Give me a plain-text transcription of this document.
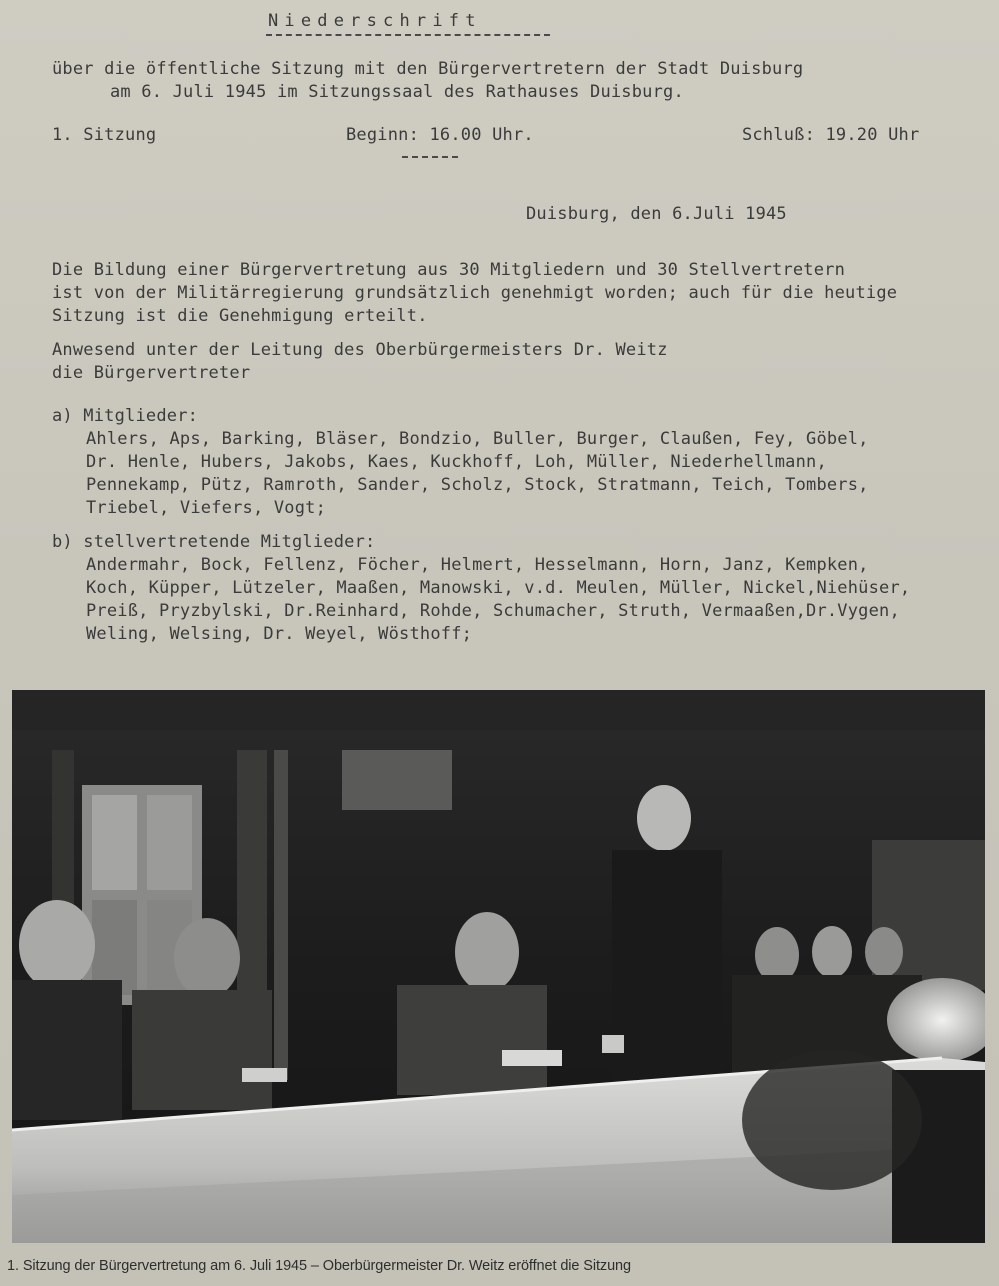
Niederschrift
über die öffentliche Sitzung mit den Bürgervertretern der Stadt Duisburg
am 6. Juli 1945 im Sitzungssaal des Rathauses Duisburg.
1. Sitzung	Beginn: 16.00 Uhr.	Schluß: 19.20 Uhr
Duisburg, den 6.Juli 1945
Die Bildung einer Bürgervertretung aus 30 Mitgliedern und 30 Stellvertretern
ist von der Militärregierung grundsätzlich genehmigt worden; auch für die heutige
Sitzung ist die Genehmigung erteilt.
Anwesend unter der Leitung des Oberbürgermeisters Dr. Weitz
die Bürgervertreter
a) Mitglieder:
Ahlers, Aps, Barking, Bläser, Bondzio, Buller, Burger, Claußen, Fey, Göbel,
Dr. Henle, Hubers, Jakobs, Kaes, Kuckhoff, Loh, Müller, Niederhellmann,
Pennekamp, Pütz, Ramroth, Sander, Scholz, Stock, Stratmann, Teich, Tombers,
Triebel, Viefers, Vogt;
b) stellvertretende Mitglieder:
Andermahr, Bock, Fellenz, Föcher, Helmert, Hesselmann, Horn, Janz, Kempken,
Koch, Küpper, Lützeler, Maaßen, Manowski, v.d. Meulen, Müller, Nickel,Niehüser,
Preiß, Pryzbylski, Dr.Reinhard, Rohde, Schumacher, Struth, Vermaaßen,Dr.Vygen,
Weling, Welsing, Dr. Weyel, Wösthoff;
1. Sitzung der Bürgervertretung am 6. Juli 1945 – Oberbürgermeister Dr. Weitz eröffnet die Sitzung
